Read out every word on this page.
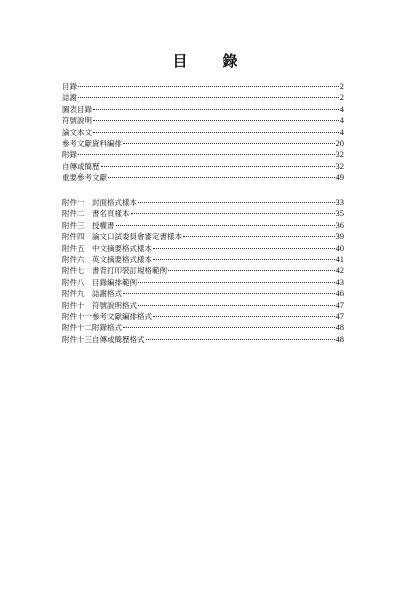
目　錄
目錄	2
誌謝	2
圖表目錄	4
符號說明	4
論文本文	4
參考文獻資料編排	20
附錄	32
自傳或簡歷	32
重要參考文獻	49
附件一 封面格式樣本	33
附件二 書名頁樣本	35
附件三 授權書	36
附件四 論文口試委員會審定書樣本	39
附件五 中文摘要格式樣本	40
附件六 英文摘要格式樣本	41
附件七 書背打印裝訂規格範例	42
附件八 目錄編排範例	43
附件九 誌謝格式	46
附件十 符號說明格式	47
附件十一參考文獻編排格式	47
附件十二附錄格式	48
附件十三自傳或簡歷格式	48
